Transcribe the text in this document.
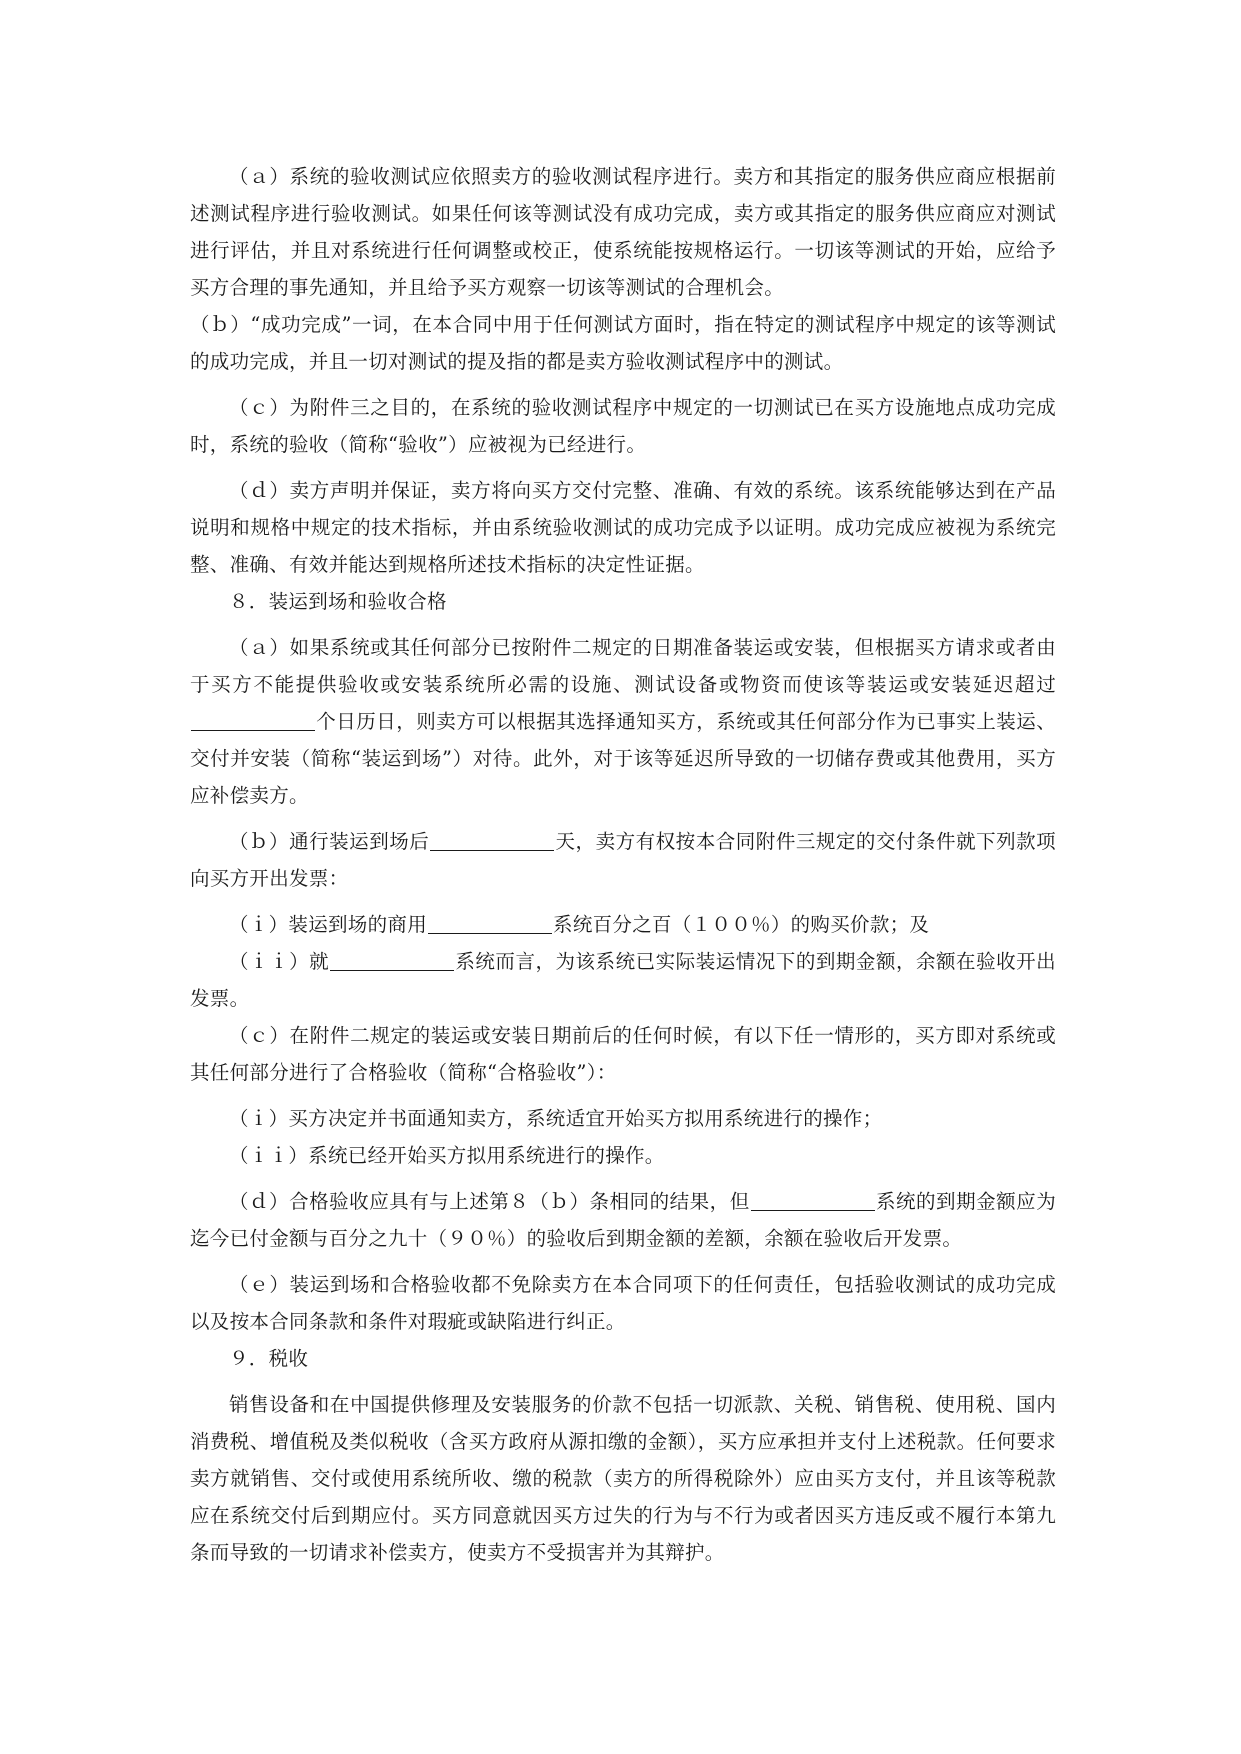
（ａ）系统的验收测试应依照卖方的验收测试程序进行。卖方和其指定的服务供应商应根据前述测试程序进行验收测试。如果任何该等测试没有成功完成，卖方或其指定的服务供应商应对测试进行评估，并且对系统进行任何调整或校正，使系统能按规格运行。一切该等测试的开始，应给予买方合理的事先通知，并且给予买方观察一切该等测试的合理机会。

（ｂ）“成功完成”一词，在本合同中用于任何测试方面时，指在特定的测试程序中规定的该等测试的成功完成，并且一切对测试的提及指的都是卖方验收测试程序中的测试。

（ｃ）为附件三之目的，在系统的验收测试程序中规定的一切测试已在买方设施地点成功完成时，系统的验收（简称“验收”）应被视为已经进行。

（ｄ）卖方声明并保证，卖方将向买方交付完整、准确、有效的系统。该系统能够达到在产品说明和规格中规定的技术指标，并由系统验收测试的成功完成予以证明。成功完成应被视为系统完整、准确、有效并能达到规格所述技术指标的决定性证据。

８．装运到场和验收合格

（ａ）如果系统或其任何部分已按附件二规定的日期准备装运或安装，但根据买方请求或者由于买方不能提供验收或安装系统所必需的设施、测试设备或物资而使该等装运或安装延迟超过个日历日，则卖方可以根据其选择通知买方，系统或其任何部分作为已事实上装运、交付并安装（简称“装运到场”）对待。此外，对于该等延迟所导致的一切储存费或其他费用，买方应补偿卖方。

（ｂ）通行装运到场后	天，卖方有权按本合同附件三规定的交付条件就下列款项向买方开出发票：

（ｉ）装运到场的商用	系统百分之百（１００％）的购买价款；及

（ｉｉ）就	系统而言，为该系统已实际装运情况下的到期金额，余额在验收开出发票。

（ｃ）在附件二规定的装运或安装日期前后的任何时候，有以下任一情形的，买方即对系统或其任何部分进行了合格验收（简称“合格验收”）：

（ｉ）买方决定并书面通知卖方，系统适宜开始买方拟用系统进行的操作；

（ｉｉ）系统已经开始买方拟用系统进行的操作。

（ｄ）合格验收应具有与上述第８（ｂ）条相同的结果，但	系统的到期金额应为迄今已付金额与百分之九十（９０％）的验收后到期金额的差额，余额在验收后开发票。

（ｅ）装运到场和合格验收都不免除卖方在本合同项下的任何责任，包括验收测试的成功完成以及按本合同条款和条件对瑕疵或缺陷进行纠正。

９．税收

销售设备和在中国提供修理及安装服务的价款不包括一切派款、关税、销售税、使用税、国内消费税、增值税及类似税收（含买方政府从源扣缴的金额），买方应承担并支付上述税款。任何要求卖方就销售、交付或使用系统所收、缴的税款（卖方的所得税除外）应由买方支付，并且该等税款应在系统交付后到期应付。买方同意就因买方过失的行为与不行为或者因买方违反或不履行本第九条而导致的一切请求补偿卖方，使卖方不受损害并为其辩护。
